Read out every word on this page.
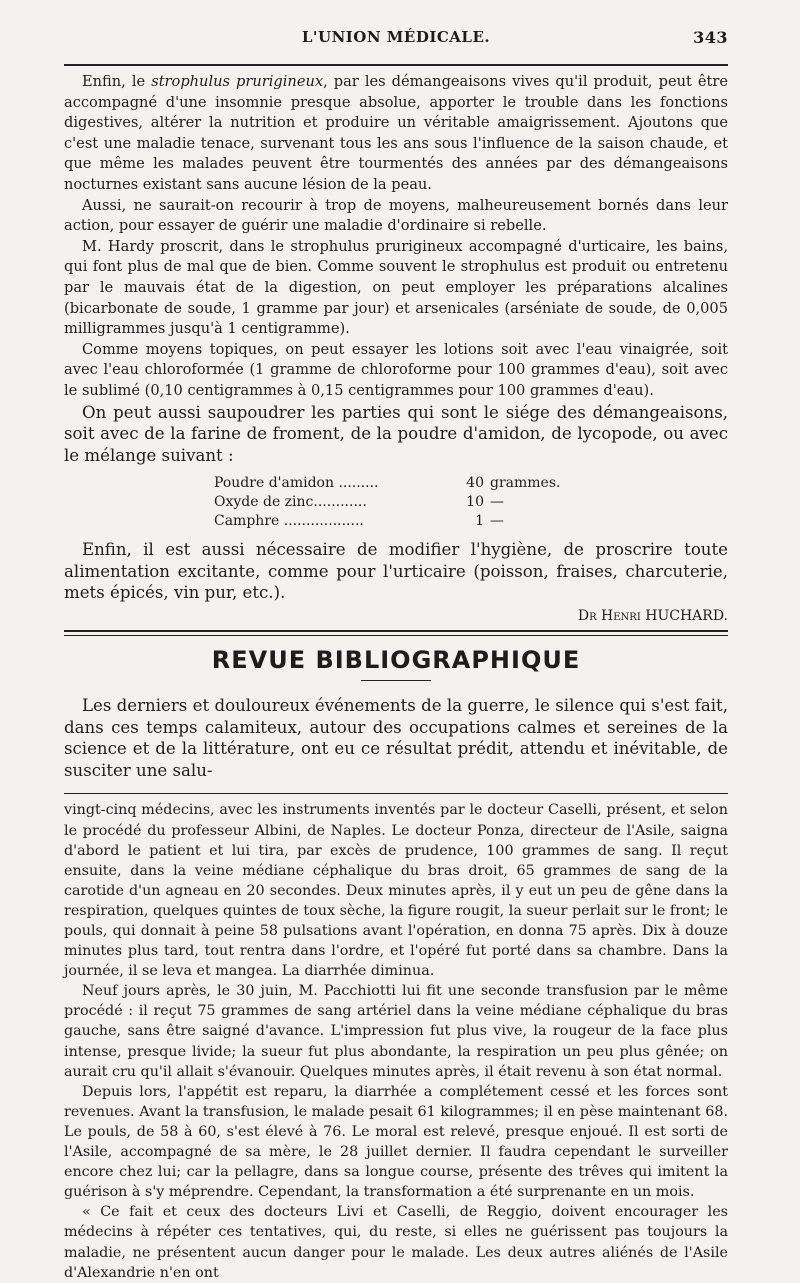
L'UNION MÉDICALE.	343

Enfin, le strophulus prurigineux, par les démangeaisons vives qu'il produit, peut être accompagné d'une insomnie presque absolue, apporter le trouble dans les fonctions digestives, altérer la nutrition et produire un véritable amaigrissement. Ajoutons que c'est une maladie tenace, survenant tous les ans sous l'influence de la saison chaude, et que même les malades peuvent être tourmentés des années par des démangeaisons nocturnes existant sans aucune lésion de la peau.

Aussi, ne saurait-on recourir à trop de moyens, malheureusement bornés dans leur action, pour essayer de guérir une maladie d'ordinaire si rebelle.

M. Hardy proscrit, dans le strophulus prurigineux accompagné d'urticaire, les bains, qui font plus de mal que de bien. Comme souvent le strophulus est produit ou entretenu par le mauvais état de la digestion, on peut employer les préparations alcalines (bicarbonate de soude, 1 gramme par jour) et arsenicales (arséniate de soude, de 0,005 milligrammes jusqu'à 1 centigramme).

Comme moyens topiques, on peut essayer les lotions soit avec l'eau vinaigrée, soit avec l'eau chloroformée (1 gramme de chloroforme pour 100 grammes d'eau), soit avec le sublimé (0,10 centigrammes à 0,15 centigrammes pour 100 grammes d'eau).

On peut aussi saupoudrer les parties qui sont le siége des démangeaisons, soit avec de la farine de froment, de la poudre d'amidon, de lycopode, ou avec le mélange suivant :

Poudre d'amidon .........	40 grammes.
Oxyde de zinc............	10 —
Camphre ..................	1 —

Enfin, il est aussi nécessaire de modifier l'hygiène, de proscrire toute alimentation excitante, comme pour l'urticaire (poisson, fraises, charcuterie, mets épicés, vin pur, etc.).

Dr Henri HUCHARD.
REVUE BIBLIOGRAPHIQUE

Les derniers et douloureux événements de la guerre, le silence qui s'est fait, dans ces temps calamiteux, autour des occupations calmes et sereines de la science et de la littérature, ont eu ce résultat prédit, attendu et inévitable, de susciter une salu-

vingt-cinq médecins, avec les instruments inventés par le docteur Caselli, présent, et selon le procédé du professeur Albini, de Naples. Le docteur Ponza, directeur de l'Asile, saigna d'abord le patient et lui tira, par excès de prudence, 100 grammes de sang. Il reçut ensuite, dans la veine médiane céphalique du bras droit, 65 grammes de sang de la carotide d'un agneau en 20 secondes. Deux minutes après, il y eut un peu de gêne dans la respiration, quelques quintes de toux sèche, la figure rougit, la sueur perlait sur le front; le pouls, qui donnait à peine 58 pulsations avant l'opération, en donna 75 après. Dix à douze minutes plus tard, tout rentra dans l'ordre, et l'opéré fut porté dans sa chambre. Dans la journée, il se leva et mangea. La diarrhée diminua.

Neuf jours après, le 30 juin, M. Pacchiotti lui fit une seconde transfusion par le même procédé : il reçut 75 grammes de sang artériel dans la veine médiane céphalique du bras gauche, sans être saigné d'avance. L'impression fut plus vive, la rougeur de la face plus intense, presque livide; la sueur fut plus abondante, la respiration un peu plus gênée; on aurait cru qu'il allait s'évanouir. Quelques minutes après, il était revenu à son état normal.

Depuis lors, l'appétit est reparu, la diarrhée a complétement cessé et les forces sont revenues. Avant la transfusion, le malade pesait 61 kilogrammes; il en pèse maintenant 68. Le pouls, de 58 à 60, s'est élevé à 76. Le moral est relevé, presque enjoué. Il est sorti de l'Asile, accompagné de sa mère, le 28 juillet dernier. Il faudra cependant le surveiller encore chez lui; car la pellagre, dans sa longue course, présente des trêves qui imitent la guérison à s'y méprendre. Cependant, la transformation a été surprenante en un mois.

« Ce fait et ceux des docteurs Livi et Caselli, de Reggio, doivent encourager les médecins à répéter ces tentatives, qui, du reste, si elles ne guérissent pas toujours la maladie, ne présentent aucun danger pour le malade. Les deux autres aliénés de l'Asile d'Alexandrie n'en ont
